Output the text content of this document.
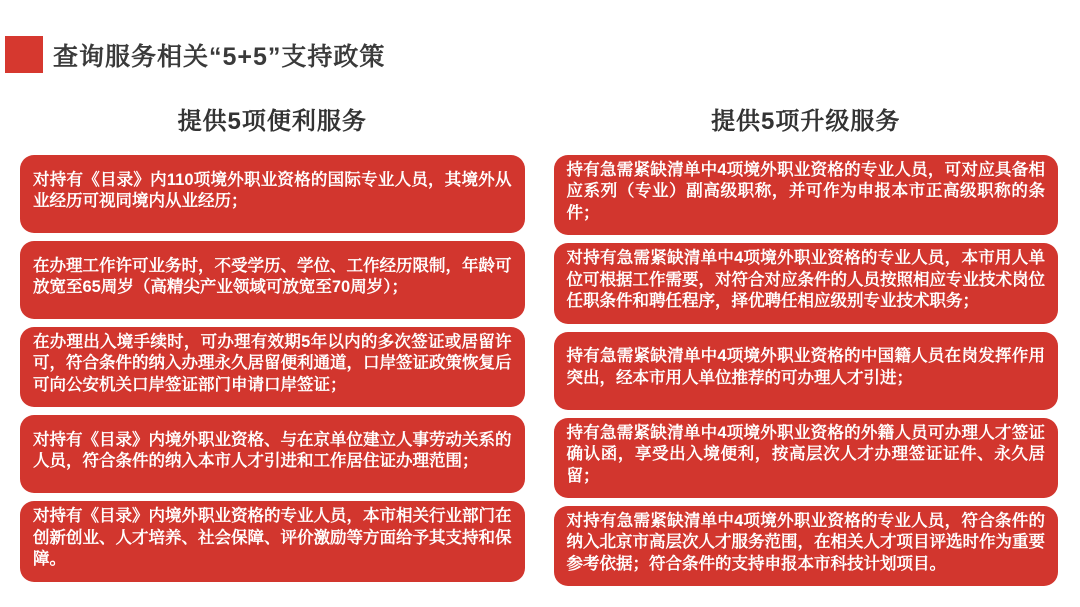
查询服务相关“5+5”支持政策
提供5项便利服务
对持有《目录》内110项境外职业资格的国际专业人员，其境外从业经历可视同境内从业经历；
在办理工作许可业务时，不受学历、学位、工作经历限制，年龄可放宽至65周岁（高精尖产业领域可放宽至70周岁）；
在办理出入境手续时，可办理有效期5年以内的多次签证或居留许可，符合条件的纳入办理永久居留便利通道，口岸签证政策恢复后可向公安机关口岸签证部门申请口岸签证；
对持有《目录》内境外职业资格、与在京单位建立人事劳动关系的人员，符合条件的纳入本市人才引进和工作居住证办理范围；
对持有《目录》内境外职业资格的专业人员，本市相关行业部门在创新创业、人才培养、社会保障、评价激励等方面给予其支持和保障。
提供5项升级服务
持有急需紧缺清单中4项境外职业资格的专业人员，可对应具备相应系列（专业）副高级职称，并可作为申报本市正高级职称的条件；
对持有急需紧缺清单中4项境外职业资格的专业人员，本市用人单位可根据工作需要，对符合对应条件的人员按照相应专业技术岗位任职条件和聘任程序，择优聘任相应级别专业技术职务；
持有急需紧缺清单中4项境外职业资格的中国籍人员在岗发挥作用突出，经本市用人单位推荐的可办理人才引进；
持有急需紧缺清单中4项境外职业资格的外籍人员可办理人才签证确认函，享受出入境便利，按高层次人才办理签证证件、永久居留；
对持有急需紧缺清单中4项境外职业资格的专业人员，符合条件的纳入北京市高层次人才服务范围，在相关人才项目评选时作为重要参考依据；符合条件的支持申报本市科技计划项目。
